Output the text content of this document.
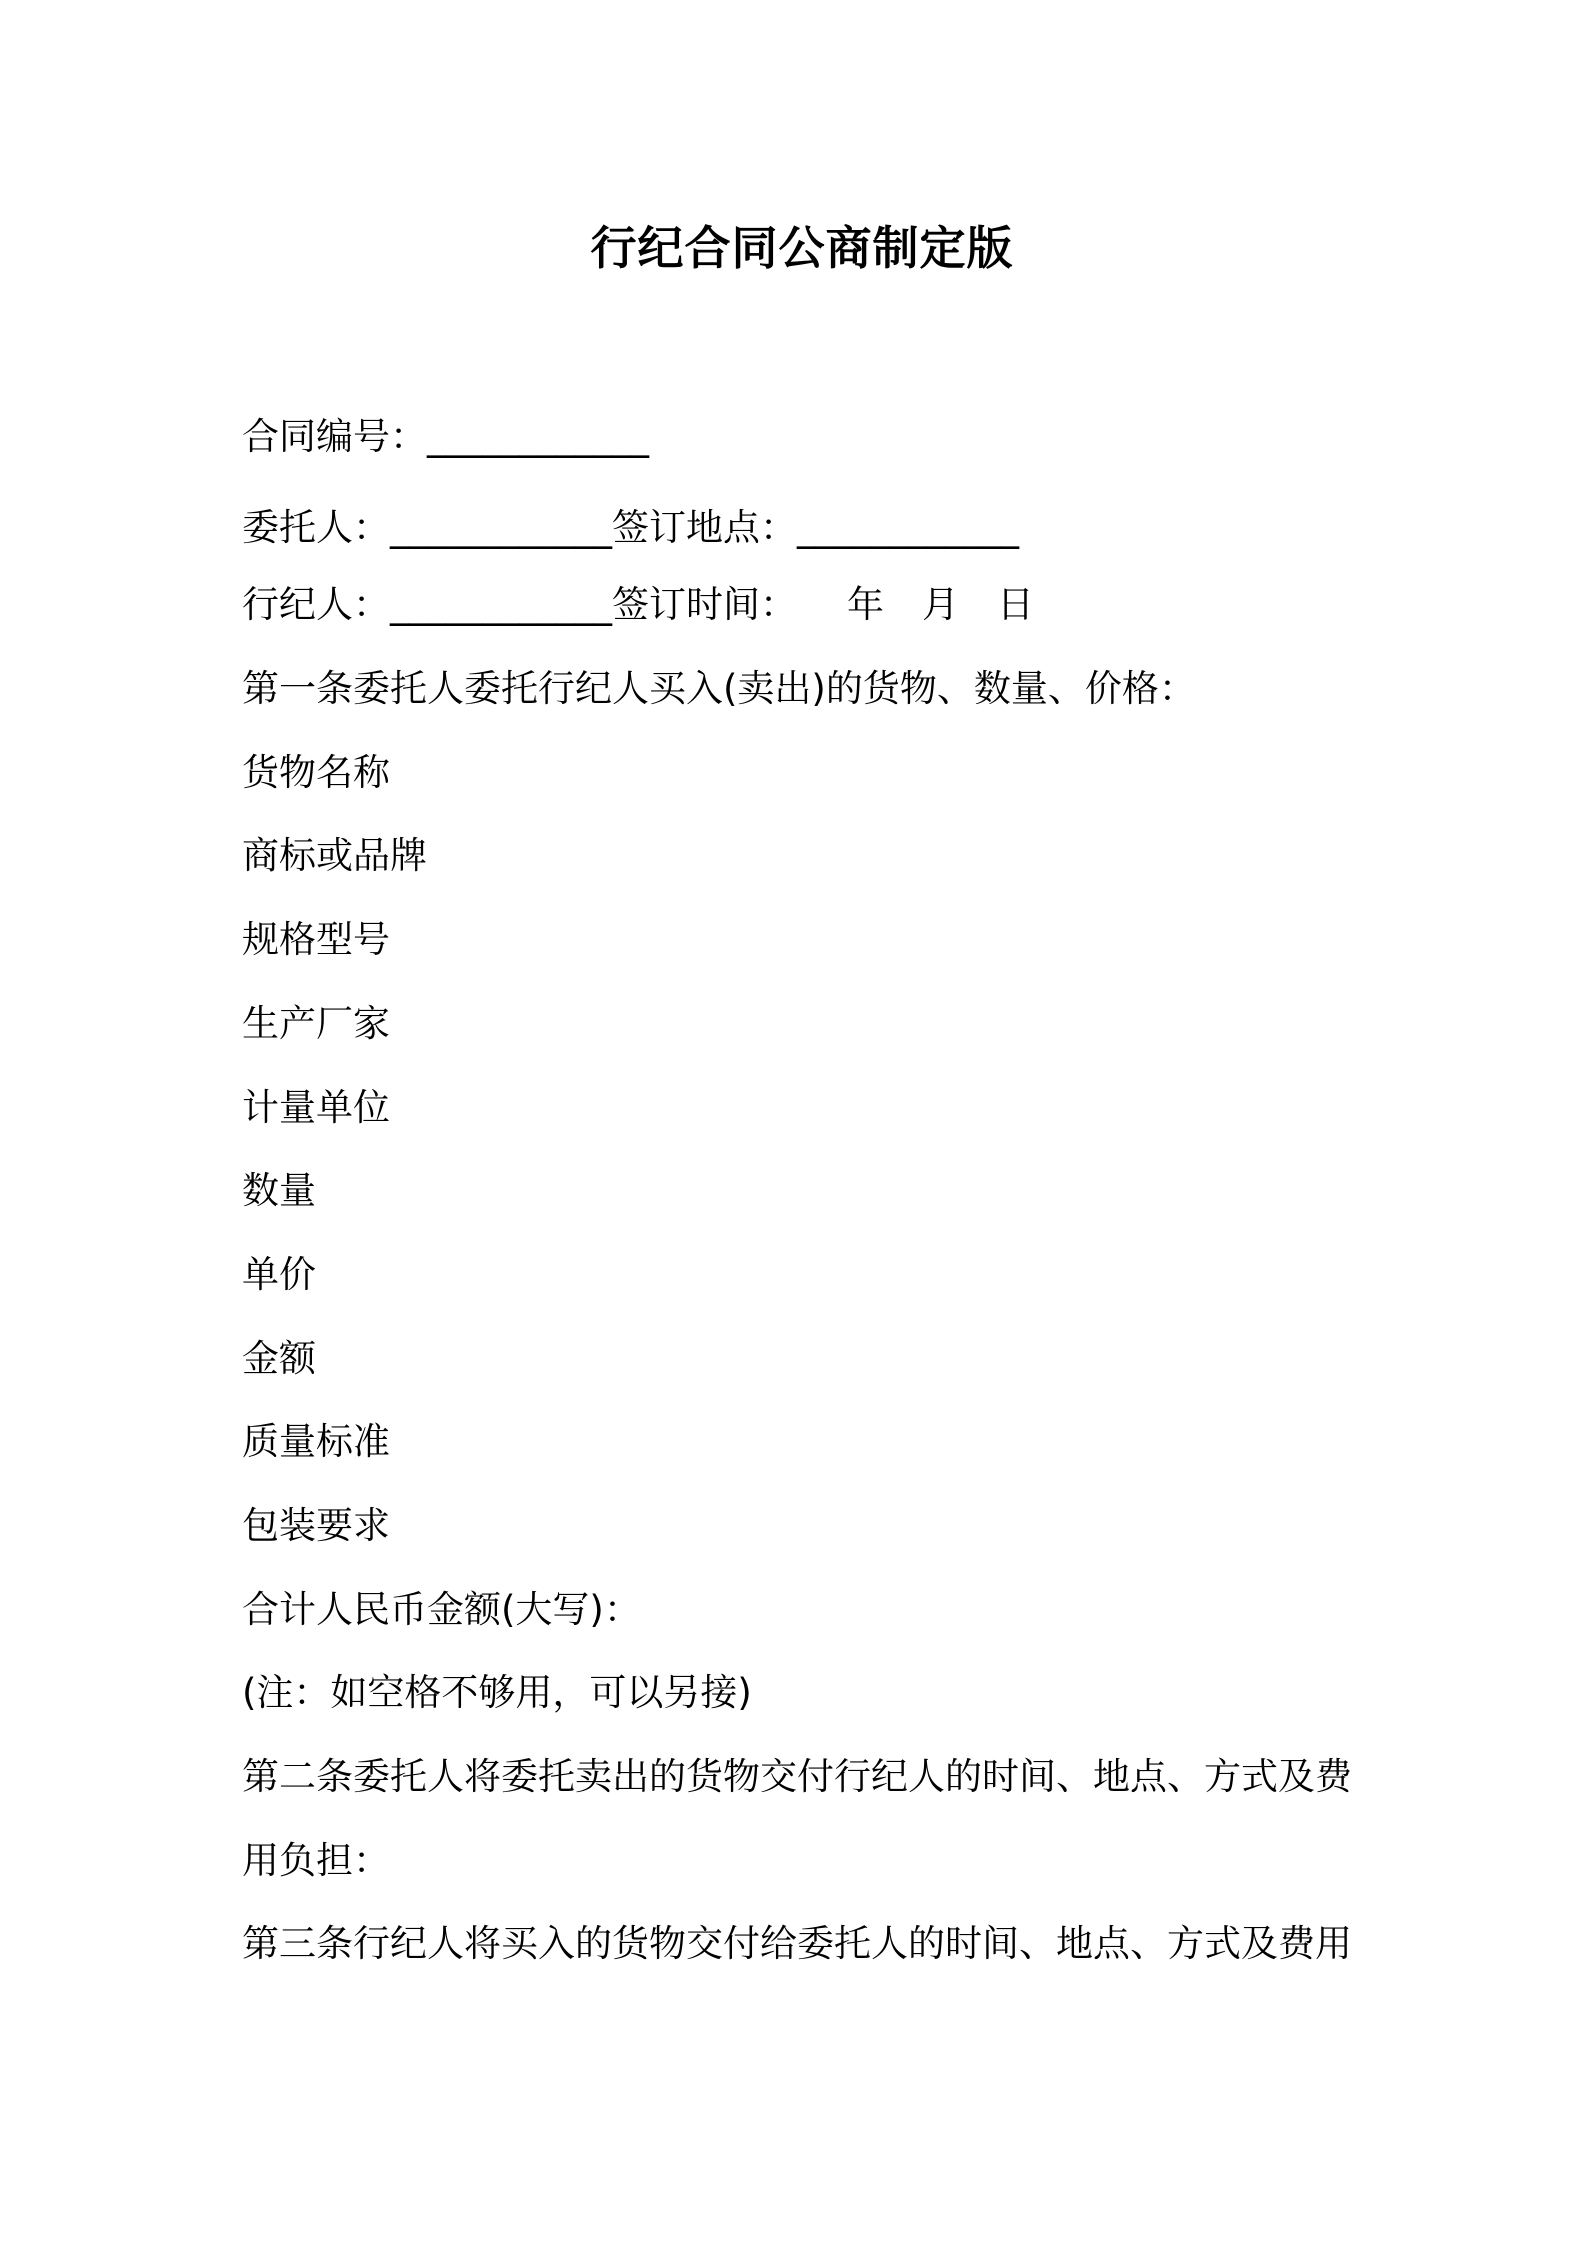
行纪合同公商制定版
合同编号：____________
委托人：____________签订地点：____________
行纪人：____________签订时间： 年 月 日
第一条委托人委托行纪人买入(卖出)的货物、数量、价格：
货物名称
商标或品牌
规格型号
生产厂家
计量单位
数量
单价
金额
质量标准
包装要求
合计人民币金额(大写)：
(注：如空格不够用，可以另接)
第二条委托人将委托卖出的货物交付行纪人的时间、地点、方式及费
用负担：
第三条行纪人将买入的货物交付给委托人的时间、地点、方式及费用
